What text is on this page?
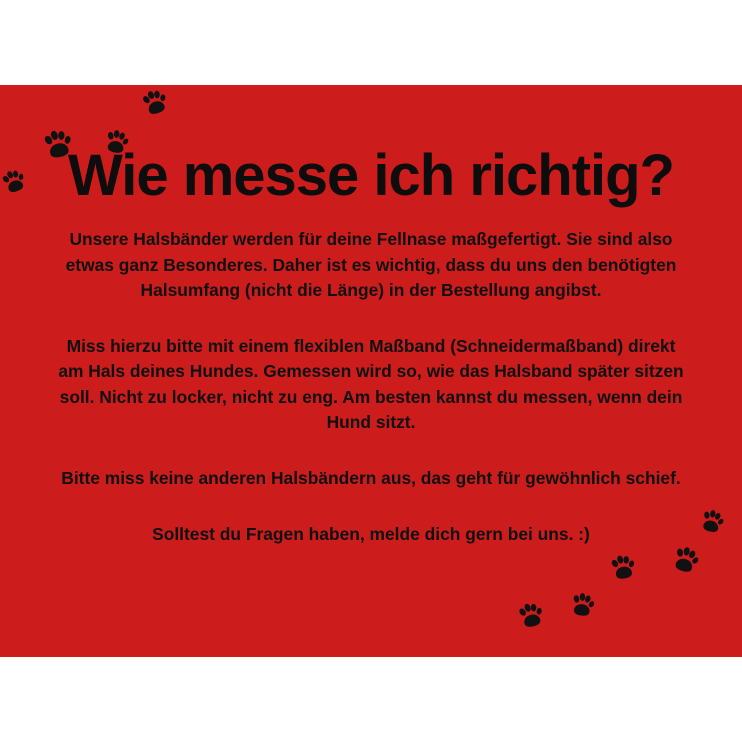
Wie messe ich richtig?

Unsere Halsbänder werden für deine Fellnase maßgefertigt. Sie sind also etwas ganz Besonderes. Daher ist es wichtig, dass du uns den benötigten Halsumfang (nicht die Länge) in der Bestellung angibst.

Miss hierzu bitte mit einem flexiblen Maßband (Schneidermaßband) direkt am Hals deines Hundes. Gemessen wird so, wie das Halsband später sitzen soll. Nicht zu locker, nicht zu eng. Am besten kannst du messen, wenn dein Hund sitzt.

Bitte miss keine anderen Halsbändern aus, das geht für gewöhnlich schief.

Solltest du Fragen haben, melde dich gern bei uns. :)
